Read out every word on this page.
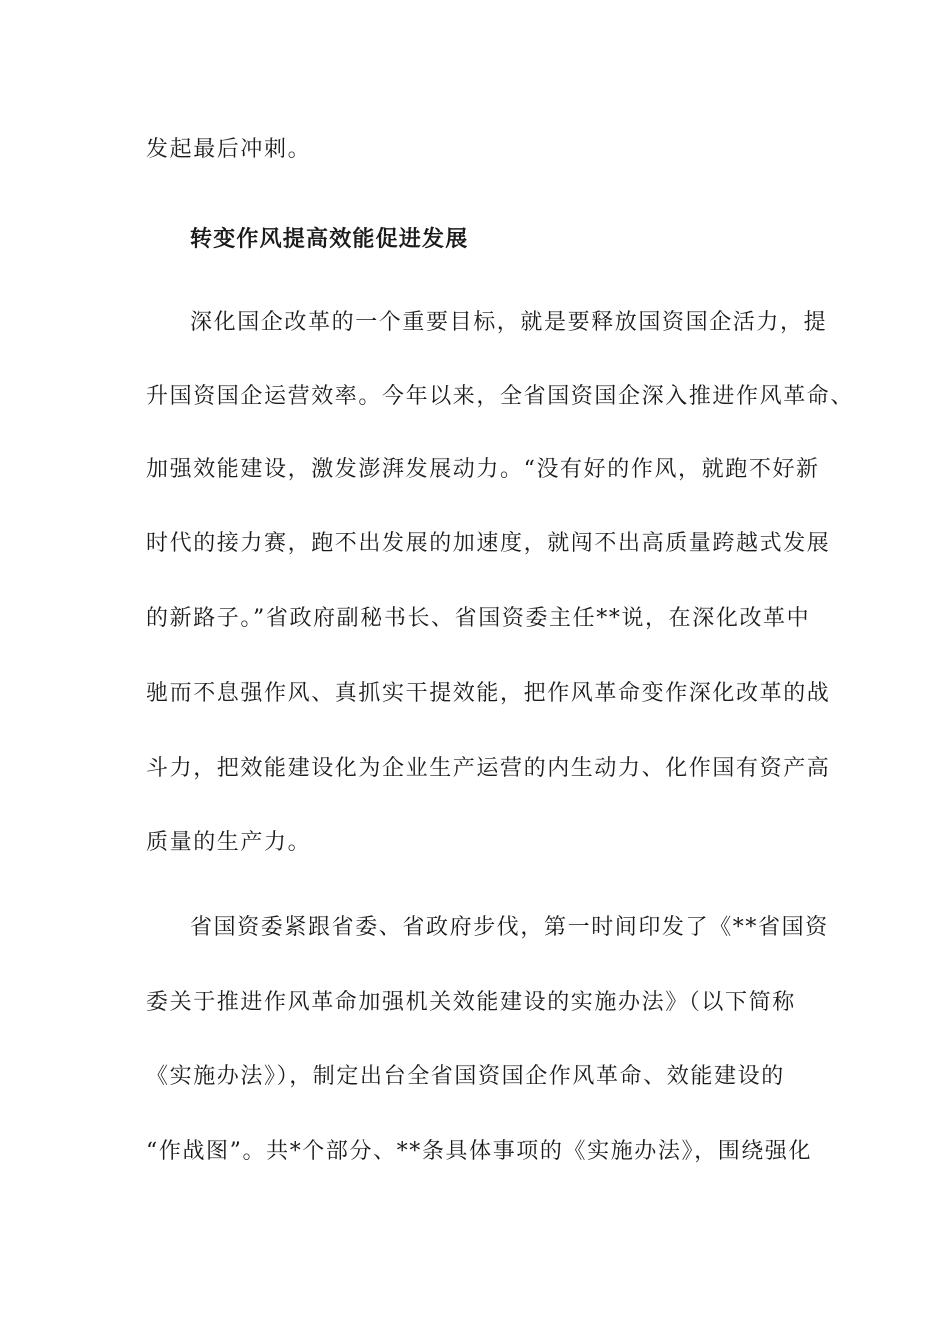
发起最后冲刺。
转变作风提高效能促进发展
深化国企改革的一个重要目标，就是要释放国资国企活力，提
升国资国企运营效率。今年以来，全省国资国企深入推进作风革命、
加强效能建设，激发澎湃发展动力。“没有好的作风，就跑不好新
时代的接力赛，跑不出发展的加速度，就闯不出高质量跨越式发展
的新路子。”省政府副秘书长、省国资委主任**说，在深化改革中
驰而不息强作风、真抓实干提效能，把作风革命变作深化改革的战
斗力，把效能建设化为企业生产运营的内生动力、化作国有资产高
质量的生产力。
省国资委紧跟省委、省政府步伐，第一时间印发了《**省国资
委关于推进作风革命加强机关效能建设的实施办法》（以下简称
《实施办法》），制定出台全省国资国企作风革命、效能建设的
“作战图”。共*个部分、**条具体事项的《实施办法》，围绕强化
